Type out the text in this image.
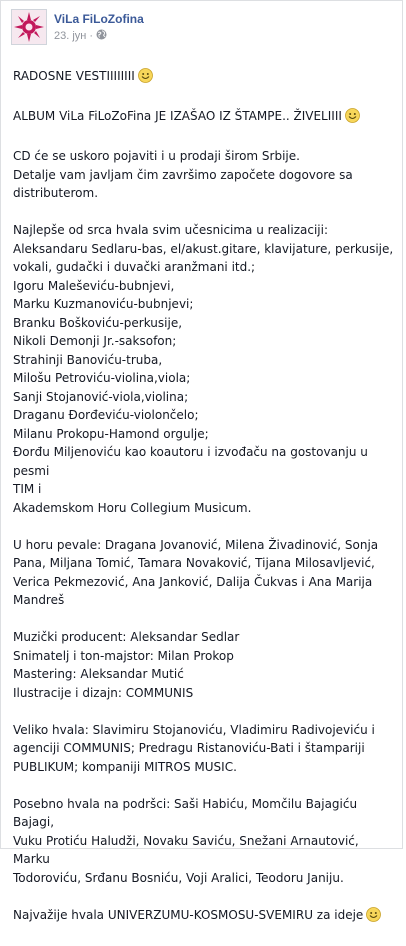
ViLa FiLoZofina
23. јун ·

RADOSNE VESTIIIIIIII

ALBUM ViLa FiLoZoFina JE IZAŠAO IZ ŠTAMPE.. ŽIVELIIII

CD će se uskoro pojaviti i u prodaji širom Srbije.
Detalje vam javljam čim završimo započete dogovore sa
distributerom.

Najlepše od srca hvala svim učesnicima u realizaciji:
Aleksandaru Sedlaru-bas, el/akust.gitare, klavijature, perkusije,
vokali, gudački i duvački aranžmani itd.;
Igoru Maleševiću-bubnjevi,
Marku Kuzmanoviću-bubnjevi;
Branku Boškoviću-perkusije,
Nikoli Demonji Jr.-saksofon;
Strahinji Banoviću-truba,
Milošu Petroviću-violina,viola;
Sanji Stojanović-viola,violina;
Draganu Đorđeviću-violončelo;
Milanu Prokopu-Hamond orgulje;
Đorđu Miljenoviću kao koautoru i izvođaču na gostovanju u pesmi
TIM i
Akademskom Horu Collegium Musicum.

U horu pevale: Dragana Jovanović, Milena Živadinović, Sonja
Pana, Miljana Tomić, Tamara Novaković, Tijana Milosavljević,
Verica Pekmezović, Ana Janković, Dalija Čukvas i Ana Marija
Mandreš

Muzički producent: Aleksandar Sedlar
Snimatelj i ton-majstor: Milan Prokop
Mastering: Aleksandar Mutić
Ilustracije i dizajn: COMMUNIS

Veliko hvala: Slavimiru Stojanoviću, Vladimiru Radivojeviću i
agenciji COMMUNIS; Predragu Ristanoviću-Bati i štampariji
PUBLIKUM; kompaniji MITROS MUSIC.

Posebno hvala na podršci: Saši Habiću, Momčilu Bajagiću Bajagi,
Vuku Protiću Haludži, Novaku Saviću, Snežani Arnautović, Marku
Todoroviću, Srđanu Bosniću, Voji Aralici, Teodoru Janiju.

Najvažije hvala UNIVERZUMU-KOSMOSU-SVEMIRU za ideje
